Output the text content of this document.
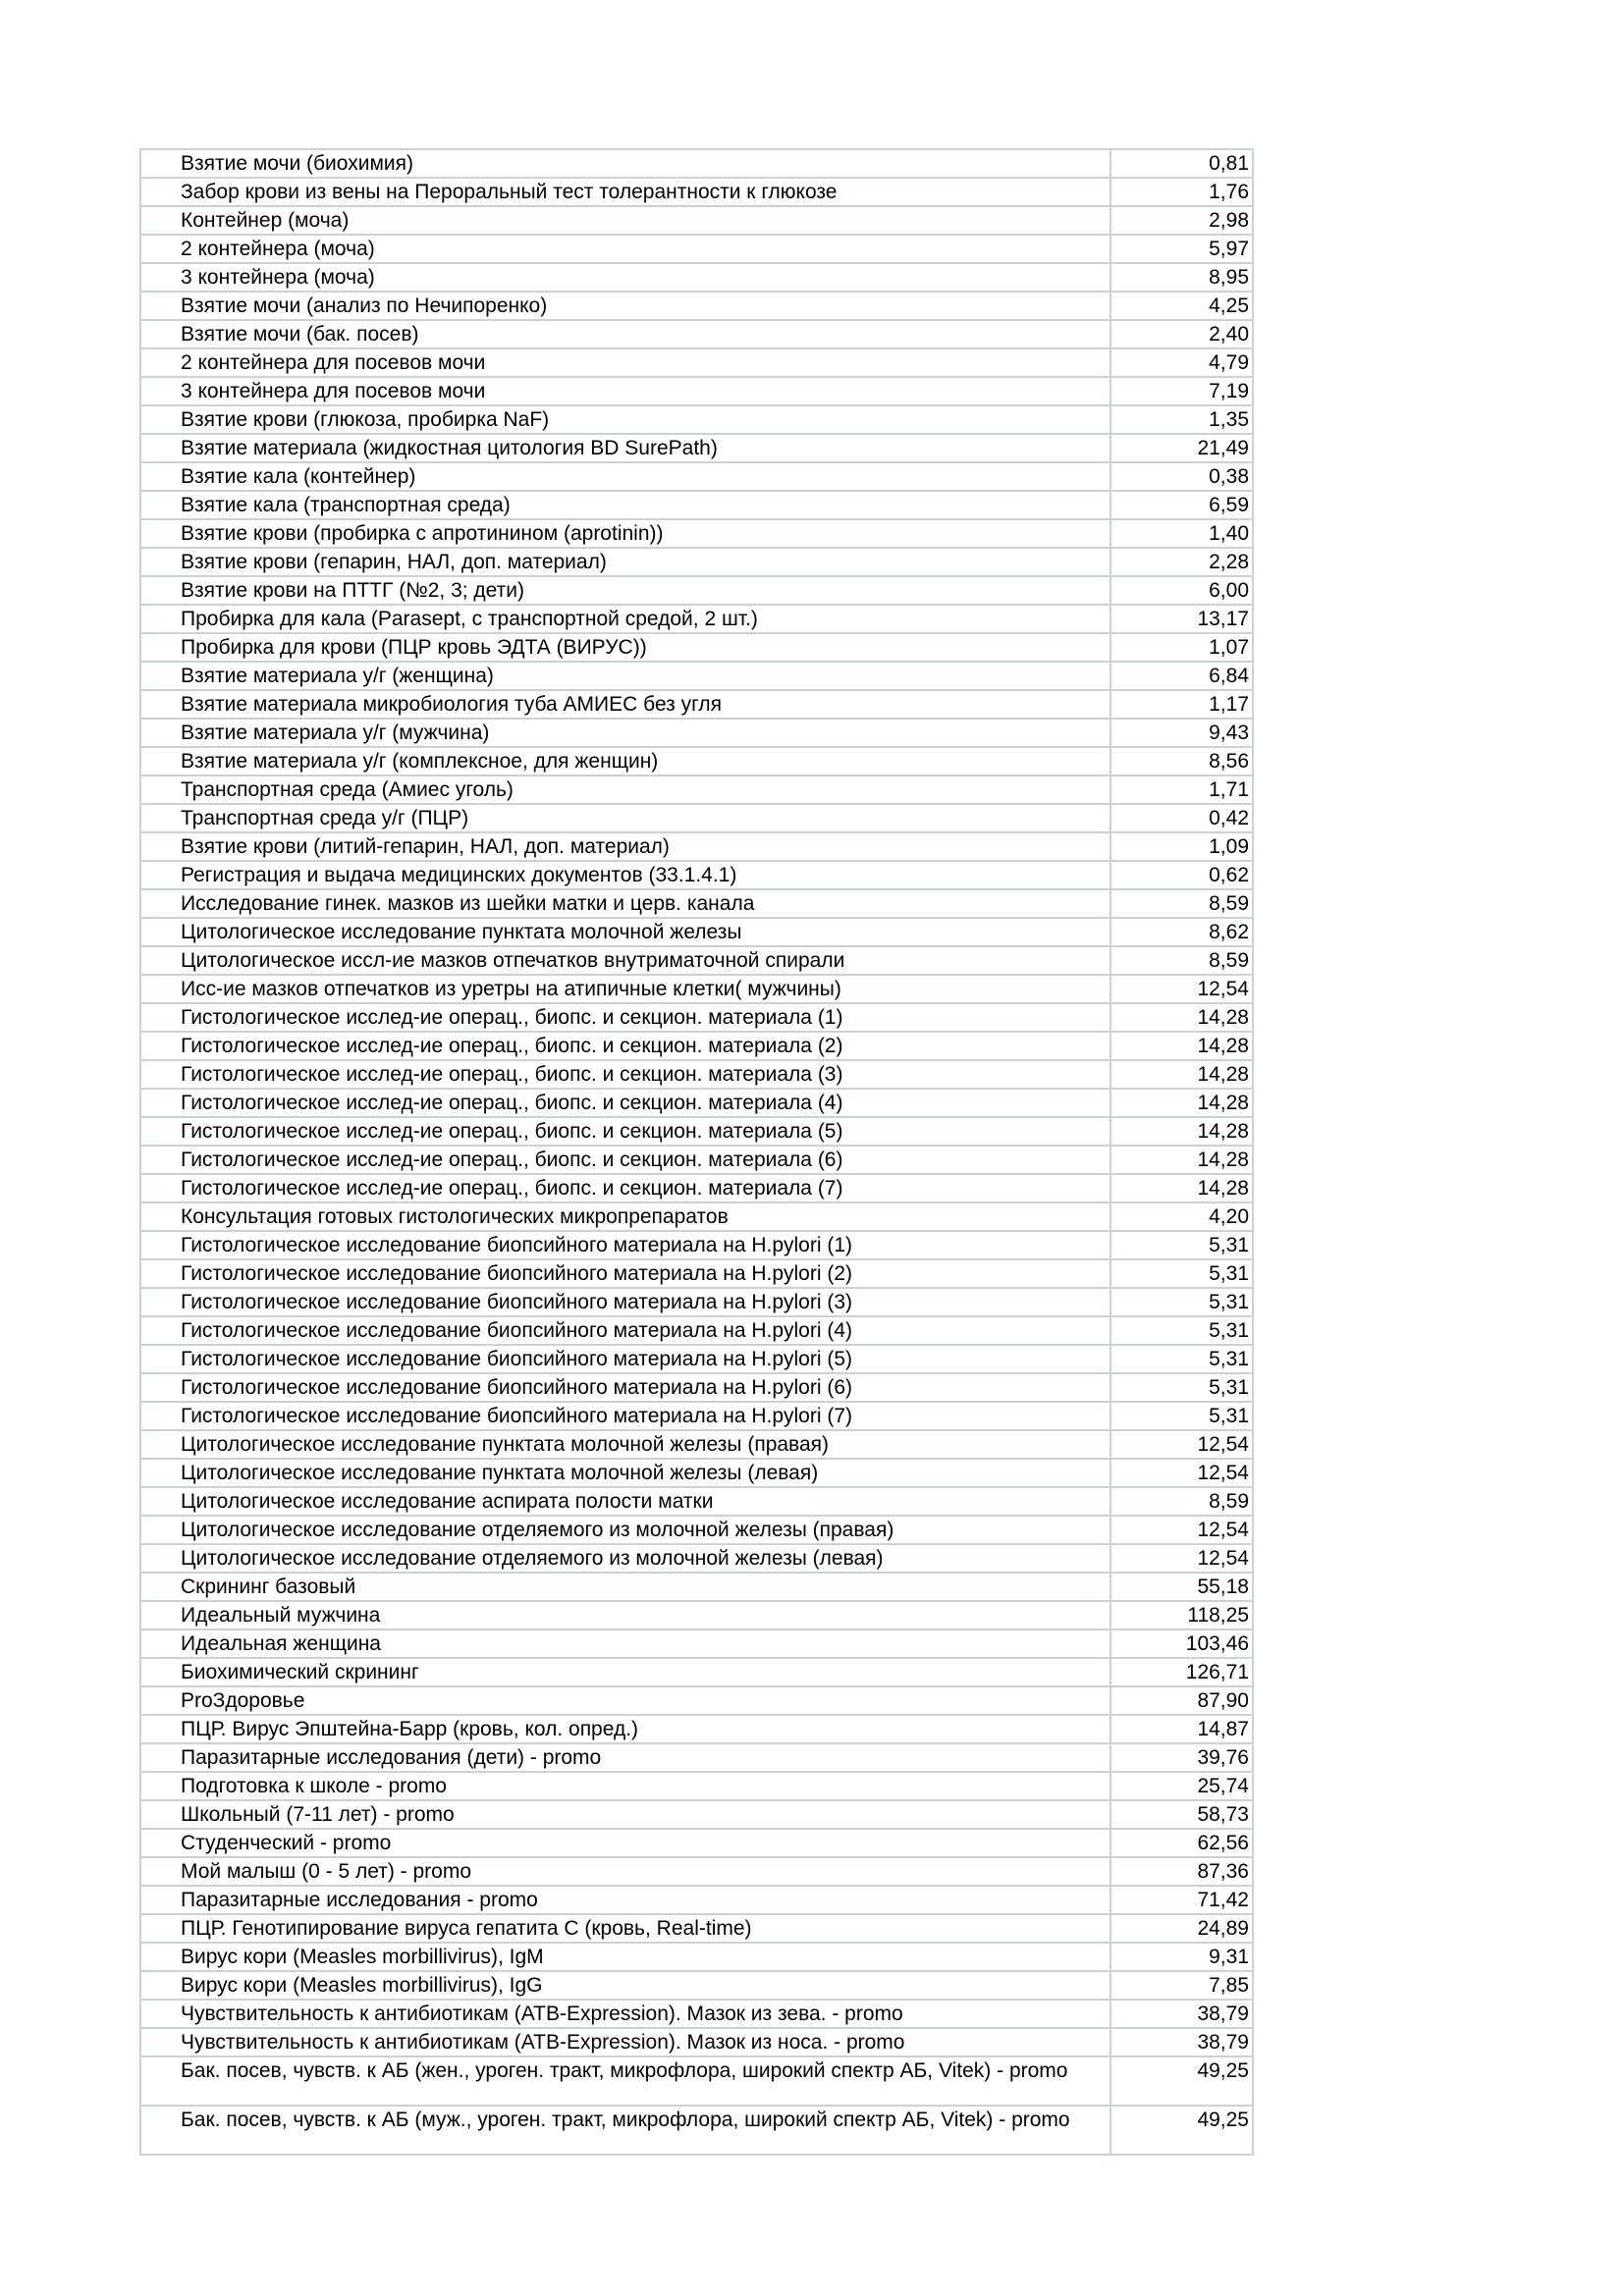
Взятие мочи (биохимия)	0,81
Забор крови из вены на Пероральный тест толерантности к глюкозе	1,76
Контейнер (моча)	2,98
2 контейнера (моча)	5,97
3 контейнера (моча)	8,95
Взятие мочи (анализ по Нечипоренко)	4,25
Взятие мочи (бак. посев)	2,40
2 контейнера для посевов мочи	4,79
3 контейнера для посевов мочи	7,19
Взятие крови (глюкоза, пробирка NaF)	1,35
Взятие материала (жидкостная цитология BD SurePath)	21,49
Взятие кала (контейнер)	0,38
Взятие кала (транспортная среда)	6,59
Взятие крови (пробирка с апротинином (aprotinin))	1,40
Взятие крови (гепарин, НАЛ, доп. материал)	2,28
Взятие крови на ПТТГ (№2, 3; дети)	6,00
Пробирка для кала (Parasept, с транспортной средой, 2 шт.)	13,17
Пробирка для крови (ПЦР кровь ЭДТА (ВИРУС))	1,07
Взятие материала у/г (женщина)	6,84
Взятие материала микробиология туба АМИЕС без угля	1,17
Взятие материала у/г (мужчина)	9,43
Взятие материала у/г (комплексное, для женщин)	8,56
Транспортная среда (Амиес уголь)	1,71
Транспортная среда у/г (ПЦР)	0,42
Взятие крови (литий-гепарин, НАЛ, доп. материал)	1,09
Регистрация и выдача медицинских документов (33.1.4.1)	0,62
Исследование гинек. мазков из шейки матки и церв. канала	8,59
Цитологическое исследование пунктата молочной железы	8,62
Цитологическое иссл-ие мазков отпечатков внутриматочной спирали	8,59
Исс-ие мазков отпечатков из уретры на атипичные клетки( мужчины)	12,54
Гистологическое исслед-ие операц., биопс. и секцион. материала (1)	14,28
Гистологическое исслед-ие операц., биопс. и секцион. материала (2)	14,28
Гистологическое исслед-ие операц., биопс. и секцион. материала (3)	14,28
Гистологическое исслед-ие операц., биопс. и секцион. материала (4)	14,28
Гистологическое исслед-ие операц., биопс. и секцион. материала (5)	14,28
Гистологическое исслед-ие операц., биопс. и секцион. материала (6)	14,28
Гистологическое исслед-ие операц., биопс. и секцион. материала (7)	14,28
Консультация готовых гистологических микропрепаратов	4,20
Гистологическое исследование биопсийного материала на H.pylori (1)	5,31
Гистологическое исследование биопсийного материала на H.pylori (2)	5,31
Гистологическое исследование биопсийного материала на H.pylori (3)	5,31
Гистологическое исследование биопсийного материала на H.pylori (4)	5,31
Гистологическое исследование биопсийного материала на H.pylori (5)	5,31
Гистологическое исследование биопсийного материала на H.pylori (6)	5,31
Гистологическое исследование биопсийного материала на H.pylori (7)	5,31
Цитологическое исследование пунктата молочной железы (правая)	12,54
Цитологическое исследование пунктата молочной железы (левая)	12,54
Цитологическое исследование аспирата полости матки	8,59
Цитологическое исследование отделяемого из молочной железы (правая)	12,54
Цитологическое исследование отделяемого из молочной железы (левая)	12,54
Скрининг базовый	55,18
Идеальный мужчина	118,25
Идеальная женщина	103,46
Биохимический скрининг	126,71
ProЗдоровье	87,90
ПЦР. Вирус Эпштейна-Барр (кровь, кол. опред.)	14,87
Паразитарные исследования (дети) - promo	39,76
Подготовка к школе - promo	25,74
Школьный (7-11 лет) - promo	58,73
Студенческий - promo	62,56
Мой малыш (0 - 5 лет) - promo	87,36
Паразитарные исследования - promo	71,42
ПЦР. Генотипирование вируса гепатита С (кровь, Real-time)	24,89
Вирус кори (Measles morbillivirus), IgM	9,31
Вирус кори (Measles morbillivirus), IgG	7,85
Чувствительность к антибиотикам (ATB-Expression). Мазок из зева. - promo	38,79
Чувствительность к антибиотикам (ATB-Expression). Мазок из носа. - promo	38,79
Бак. посев, чувств. к АБ (жен., уроген. тракт, микрофлора, широкий спектр АБ, Vitek) - promo	49,25
Бак. посев, чувств. к АБ (муж., уроген. тракт, микрофлора, широкий спектр АБ, Vitek) - promo	49,25
